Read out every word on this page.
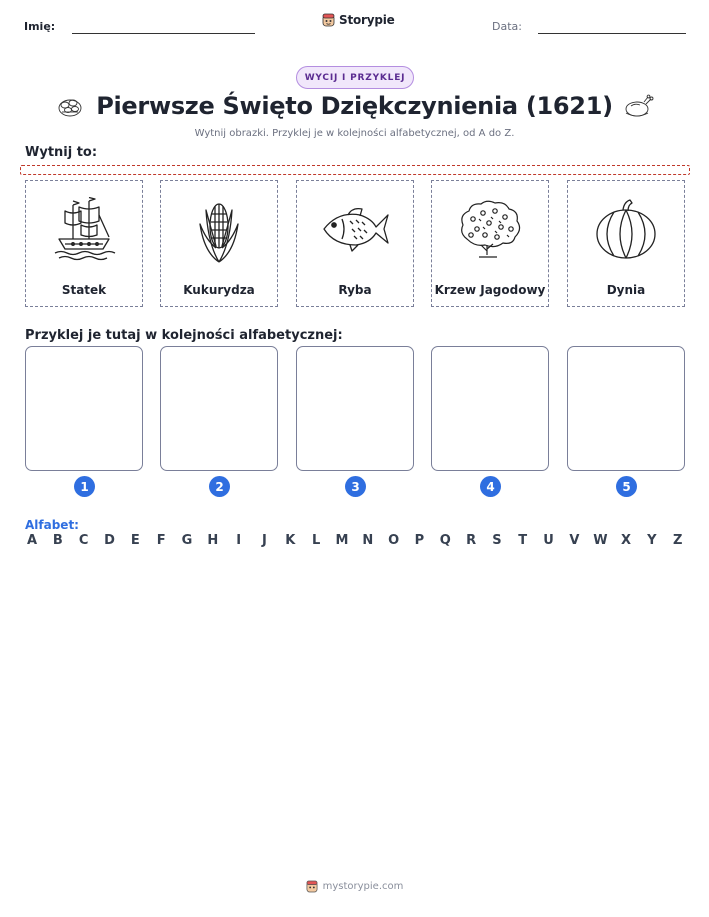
Imię:	Storypie	Data:
WYCIJ I PRZYKLEJ
Pierwsze Święto Dziękczynienia (1621)
Wytnij obrazki. Przyklej je w kolejności alfabetycznej, od A do Z.
Wytnij to:
Statek	Kukurydza	Ryba	Krzew Jagodowy	Dynia
Przyklej je tutaj w kolejności alfabetycznej:
1	2	3	4	5
Alfabet:
A B C D E F G H	I	J	K L M N O P Q R S T U V W X Y Z
mystorypie.com
